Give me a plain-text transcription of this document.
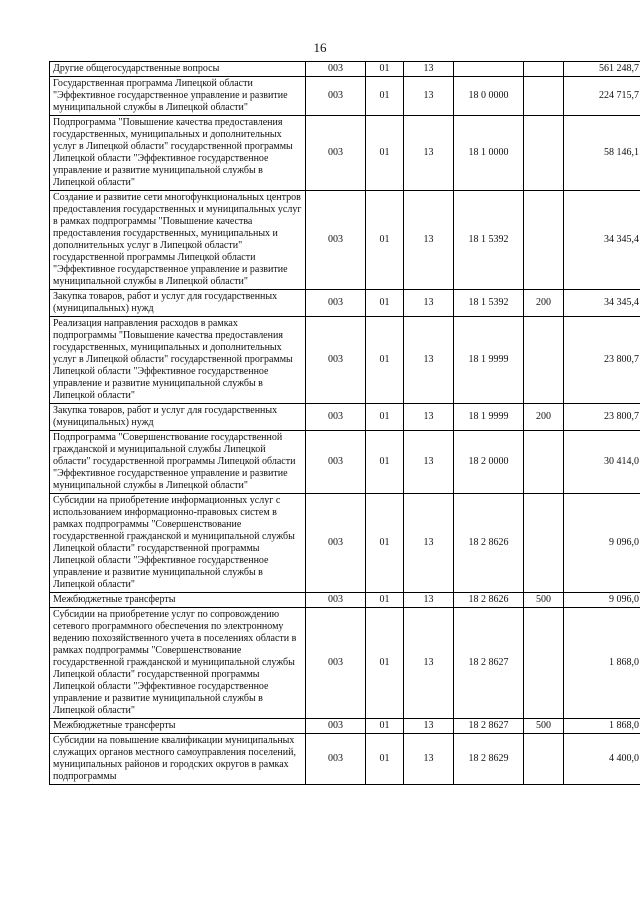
16
Другие общегосударственные вопросы	003	01	13			561 248,7
Государственная программа Липецкой области "Эффективное государственное управление и развитие муниципальной службы в Липецкой области"	003	01	13	18 0 0000		224 715,7
Подпрограмма "Повышение качества предоставления государственных, муниципальных и дополнительных услуг в Липецкой области" государственной программы Липецкой области "Эффективное государственное управление и развитие муниципальной службы в Липецкой области"	003	01	13	18 1 0000		58 146,1
Создание и развитие сети многофункциональных центров предоставления государственных и муниципальных услуг в рамках подпрограммы "Повышение качества предоставления государственных, муниципальных и дополнительных услуг в Липецкой области" государственной программы Липецкой области "Эффективное государственное управление и развитие муниципальной службы в Липецкой области"	003	01	13	18 1 5392		34 345,4
Закупка товаров, работ и услуг для государственных (муниципальных) нужд	003	01	13	18 1 5392	200	34 345,4
Реализация направления расходов в рамках подпрограммы "Повышение качества предоставления государственных, муниципальных и дополнительных услуг в Липецкой области" государственной программы Липецкой области "Эффективное государственное управление и развитие муниципальной службы в Липецкой области"	003	01	13	18 1 9999		23 800,7
Закупка товаров, работ и услуг для государственных (муниципальных) нужд	003	01	13	18 1 9999	200	23 800,7
Подпрограмма "Совершенствование государственной гражданской и муниципальной службы Липецкой области" государственной программы Липецкой области "Эффективное государственное управление и развитие муниципальной службы в Липецкой области"	003	01	13	18 2 0000		30 414,0
Субсидии на приобретение информационных услуг с использованием информационно-правовых систем в рамках подпрограммы "Совершенствование государственной гражданской и муниципальной службы Липецкой области" государственной программы Липецкой области "Эффективное государственное управление и развитие муниципальной службы в Липецкой области"	003	01	13	18 2 8626		9 096,0
Межбюджетные трансферты	003	01	13	18 2 8626	500	9 096,0
Субсидии на приобретение услуг по сопровождению сетевого программного обеспечения по электронному ведению похозяйственного учета в поселениях области в рамках подпрограммы "Совершенствование государственной гражданской и муниципальной службы Липецкой области" государственной программы Липецкой области "Эффективное государственное управление и развитие муниципальной службы в Липецкой области"	003	01	13	18 2 8627		1 868,0
Межбюджетные трансферты	003	01	13	18 2 8627	500	1 868,0
Субсидии на повышение квалификации муниципальных служащих органов местного самоуправления поселений, муниципальных районов и городских округов в рамках подпрограммы	003	01	13	18 2 8629		4 400,0
